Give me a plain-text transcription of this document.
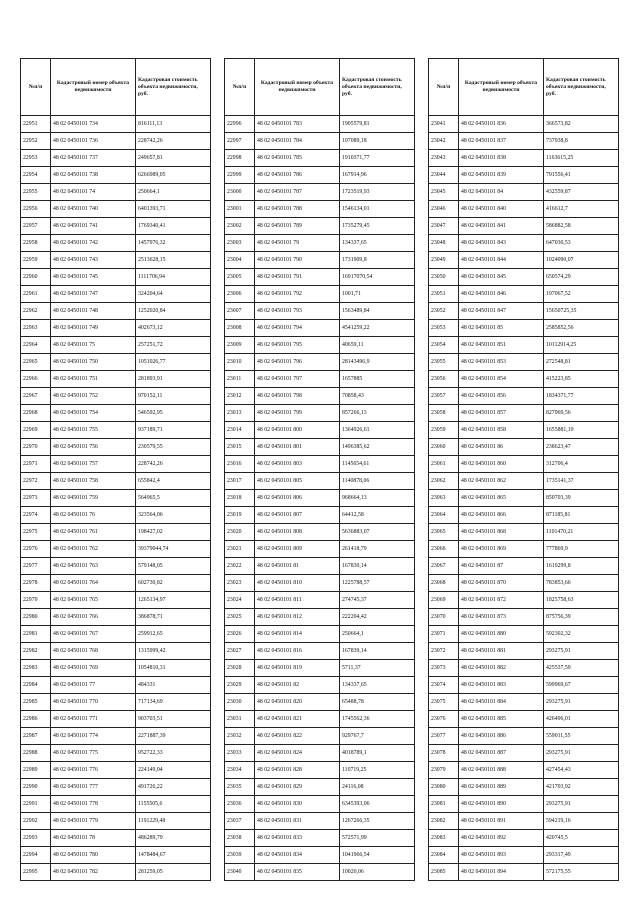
№п/п	Кадастровый номер объекта недвижимости	Кадастровая стоимость объекта недвижимости, руб.
22951	48 02 0450101 734	816111,13
22952	48 02 0450101 736	228742,26
22953	48 02 0450101 737	249657,81
22954	48 02 0450101 738	6266989,05
22955	48 02 0450101 74	250664,1
22956	48 02 0450101 740	6401393,71
22957	48 02 0450101 741	1769340,41
22958	48 02 0450101 742	1457976,32
22959	48 02 0450101 743	2513628,15
22960	48 02 0450101 745	1111706,94
22961	48 02 0450101 747	324204,64
22962	48 02 0450101 748	1252020,84
22963	48 02 0450101 749	402673,12
22964	48 02 0450101 75	257251,72
22965	48 02 0450101 750	1051026,77
22966	48 02 0450101 751	281893,91
22967	48 02 0450101 752	970152,11
22968	48 02 0450101 754	546592,95
22969	48 02 0450101 755	937189,71
22970	48 02 0450101 756	230579,55
22971	48 02 0450101 757	228742,26
22972	48 02 0450101 758	655842,4
22973	48 02 0450101 759	564965,5
22974	48 02 0450101 76	323564,06
22975	48 02 0450101 761	198427,02
22976	48 02 0450101 762	39379044,74
22977	48 02 0450101 763	579148,05
22978	48 02 0450101 764	602730,82
22979	48 02 0450101 765	1265134,97
22980	48 02 0450101 766	386878,71
22981	48 02 0450101 767	259912,65
22982	48 02 0450101 768	1315999,42
22983	48 02 0450101 769	1054810,31
22984	48 02 0450101 77	484331
22985	48 02 0450101 770	717134,69
22986	48 02 0450101 771	903703,51
22987	48 02 0450101 774	2271887,39
22988	48 02 0450101 775	952722,33
22989	48 02 0450101 776	224149,04
22990	48 02 0450101 777	491726,22
22991	48 02 0450101 778	1155505,6
22992	48 02 0450101 779	1191229,48
22993	48 02 0450101 78	486289,79
22994	48 02 0450101 780	1478484,67
22995	48 02 0450101 782	281259,05
№п/п	Кадастровый номер объекта недвижимости	Кадастровая стоимость объекта недвижимости, руб.
22996	48 02 0450101 783	1905579,81
22997	48 02 0450101 784	197089,18
22998	48 02 0450101 785	1910371,77
22999	48 02 0450101 786	167914,96
23000	48 02 0450101 787	1723519,93
23001	48 02 0450101 788	1546134,01
23002	48 02 0450101 789	1735279,45
23003	48 02 0450101 79	134337,65
23004	48 02 0450101 790	1731909,8
23005	48 02 0450101 791	16917070,54
23006	48 02 0450101 792	1001,71
23007	48 02 0450101 793	1563489,84
23008	48 02 0450101 794	4541259,22
23009	48 02 0450101 795	40659,11
23010	48 02 0450101 796	28143496,9
23011	48 02 0450101 797	1657885
23012	48 02 0450101 798	70858,43
23013	48 02 0450101 799	857266,13
23014	48 02 0450101 800	1364926,61
23015	48 02 0450101 801	1496385,62
23016	48 02 0450101 803	1145654,61
23017	48 02 0450101 805	1140878,06
23018	48 02 0450101 806	968664,13
23019	48 02 0450101 807	64412,58
23020	48 02 0450101 808	5636883,07
23021	48 02 0450101 809	261418,79
23022	48 02 0450101 81	167830,14
23023	48 02 0450101 810	1225788,57
23024	48 02 0450101 811	274745,37
23025	48 02 0450101 812	222204,42
23026	48 02 0450101 814	250664,1
23027	48 02 0450101 816	167839,14
23028	48 02 0450101 819	5711,37
23029	48 02 0450101 82	134337,65
23030	48 02 0450101 820	65488,78
23031	48 02 0450101 821	1745562,36
23032	48 02 0450101 822	929767,7
23033	48 02 0450101 824	4018789,1
23034	48 02 0450101 828	110719,25
23035	48 02 0450101 829	24116,08
23036	48 02 0450101 830	6345393,06
23037	48 02 0450101 831	1267266,35
23038	48 02 0450101 833	572571,99
23039	48 02 0450101 834	1041966,54
23040	48 02 0450101 835	10020,06
№п/п	Кадастровый номер объекта недвижимости	Кадастровая стоимость объекта недвижимости, руб.
23041	48 02 0450101 836	366573,82
23042	48 02 0450101 837	737938,8
23043	48 02 0450101 838	1163615,25
23044	48 02 0450101 839	791556,41
23045	48 02 0450101 84	432559,87
23046	48 02 0450101 840	416612,7
23047	48 02 0450101 841	586882,58
23048	48 02 0450101 843	647030,53
23049	48 02 0450101 844	1024090,07
23050	48 02 0450101 845	650574,29
23051	48 02 0450101 846	197067,52
23052	48 02 0450101 847	15650725,35
23053	48 02 0450101 85	2585852,56
23054	48 02 0450101 851	10112914,25
23055	48 02 0450101 853	272548,81
23056	48 02 0450101 854	415223,85
23057	48 02 0450101 856	1834371,77
23058	48 02 0450101 857	827969,56
23059	48 02 0450101 858	1655881,19
23060	48 02 0450101 86	238623,47
23061	48 02 0450101 860	312706,4
23062	48 02 0450101 862	1735141,37
23063	48 02 0450101 865	850703,39
23064	48 02 0450101 866	871185,81
23065	48 02 0450101 868	1101470,21
23066	48 02 0450101 869	777869,9
23067	48 02 0450101 87	1619299,8
23068	48 02 0450101 870	783853,66
23069	48 02 0450101 872	1825758,63
23070	48 02 0450101 873	875756,39
23071	48 02 0450101 880	592302,32
23072	48 02 0450101 881	293275,91
23073	48 02 0450101 882	425537,59
23074	48 02 0450101 883	599969,67
23075	48 02 0450101 884	293275,91
23076	48 02 0450101 885	426496,01
23077	48 02 0450101 886	559011,55
23078	48 02 0450101 887	293275,91
23079	48 02 0450101 888	427454,43
23080	48 02 0450101 889	421703,92
23081	48 02 0450101 890	293275,91
23082	48 02 0450101 891	594219,16
23083	48 02 0450101 892	420745,5
23084	48 02 0450101 893	293317,49
23085	48 02 0450101 894	572175,55
